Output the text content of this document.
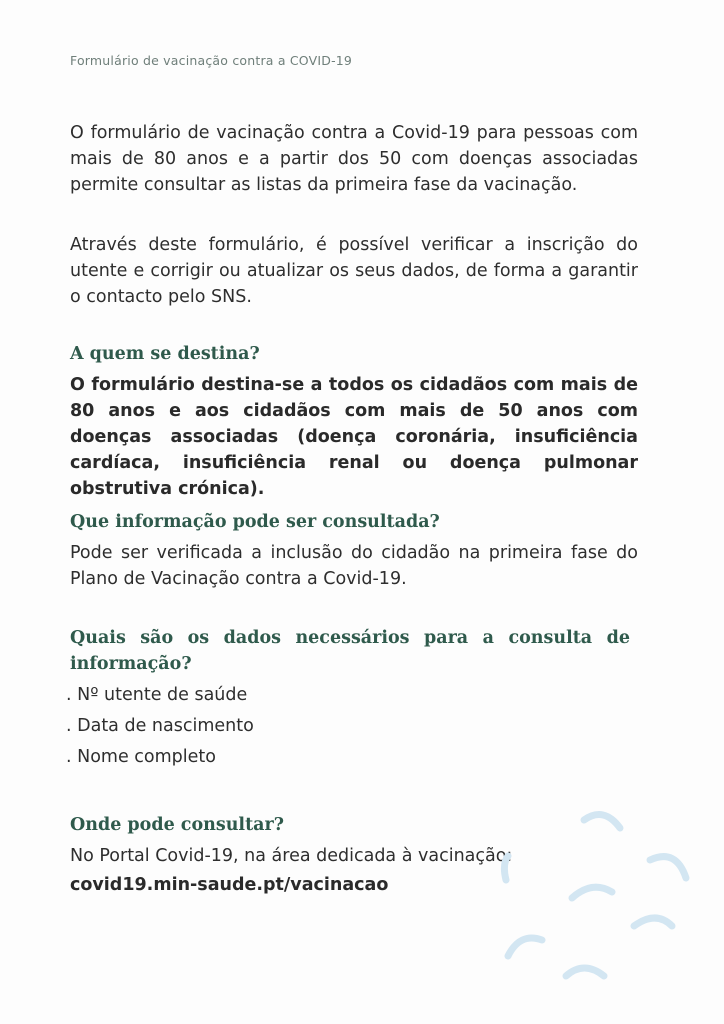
Formulário de vacinação contra a COVID-19

O formulário de vacinação contra a Covid-19 para pessoas com mais de 80 anos e a partir dos 50 com doenças associadas permite consultar as listas da primeira fase da vacinação.

Através deste formulário, é possível verificar a inscrição do utente e corrigir ou atualizar os seus dados, de forma a garantir o contacto pelo SNS.

A quem se destina?

O formulário destina-se a todos os cidadãos com mais de 80 anos e aos cidadãos com mais de 50 anos com doenças associadas (doença coronária, insuficiência cardíaca, insuficiência renal ou doença pulmonar obstrutiva crónica).

Que informação pode ser consultada?

Pode ser verificada a inclusão do cidadão na primeira fase do Plano de Vacinação contra a Covid-19.

Quais são os dados necessários para a consulta de informação?
. Nº utente de saúde
. Data de nascimento
. Nome completo
Onde pode consultar?

No Portal Covid-19, na área dedicada à vacinação:

covid19.min-saude.pt/vacinacao
